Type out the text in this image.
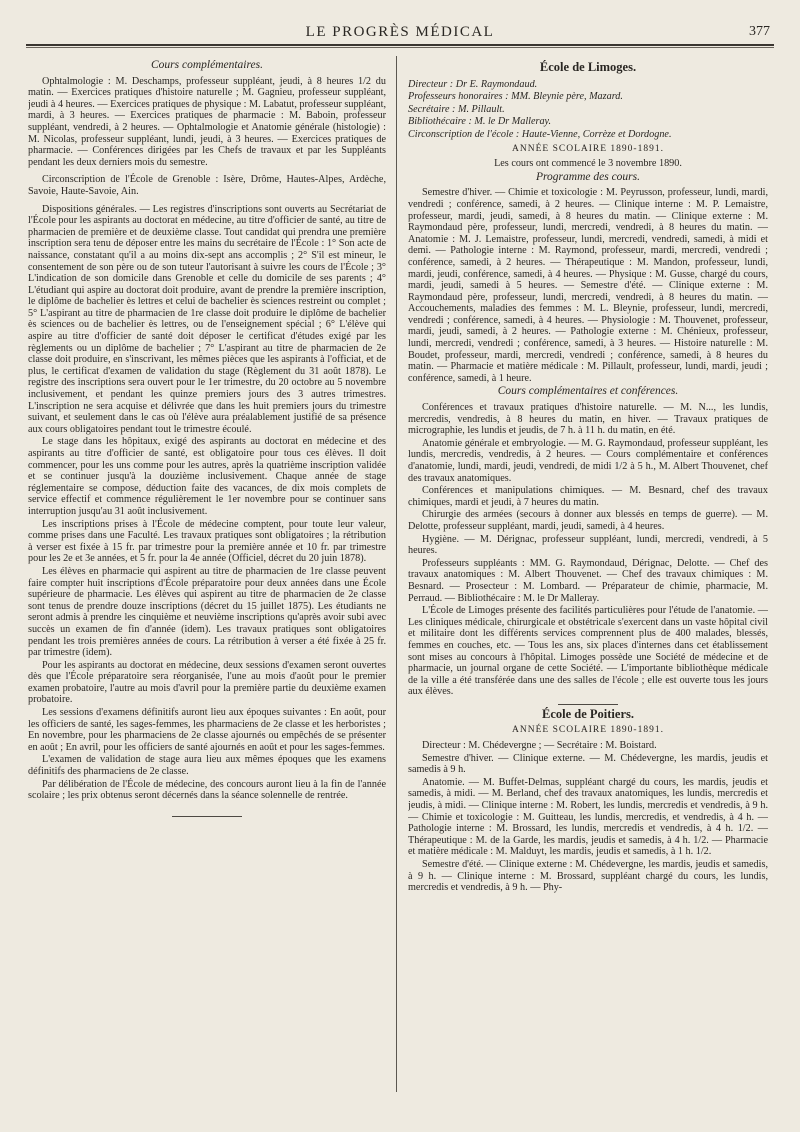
LE PROGRÈS MÉDICAL	377
Cours complémentaires.

Ophtalmologie : M. Deschamps, professeur suppléant, jeudi, à 8 heures 1/2 du matin. — Exercices pratiques d'histoire naturelle ; M. Gagnieu, professeur suppléant, jeudi à 4 heures. — Exercices pratiques de physique : M. Labatut, professeur suppléant, mardi, à 3 heures. — Exercices pratiques de pharmacie : M. Baboin, professeur suppléant, vendredi, à 2 heures. — Ophtalmologie et Anatomie générale (histologie) : M. Nicolas, professeur suppléant, lundi, jeudi, à 3 heures. — Exercices pratiques de pharmacie. — Conférences dirigées par les Chefs de travaux et par les Suppléants pendant les deux derniers mois du semestre.

Circonscription de l'École de Grenoble : Isère, Drôme, Hautes-Alpes, Ardèche, Savoie, Haute-Savoie, Ain.

Dispositions générales. — Les registres d'inscriptions sont ouverts au Secrétariat de l'École pour les aspirants au doctorat en médecine, au titre d'officier de santé, au titre de pharmacien de première et de deuxième classe. Tout candidat qui prendra une première inscription sera tenu de déposer entre les mains du secrétaire de l'École : 1° Son acte de naissance, constatant qu'il a au moins dix-sept ans accomplis ; 2° S'il est mineur, le consentement de son père ou de son tuteur l'autorisant à suivre les cours de l'École ; 3° L'indication de son domicile dans Grenoble et celle du domicile de ses parents ; 4° L'étudiant qui aspire au doctorat doit produire, avant de prendre la première inscription, le diplôme de bachelier ès lettres et celui de bachelier ès sciences restreint ou complet ; 5° L'aspirant au titre de pharmacien de 1re classe doit produire le diplôme de bachelier ès sciences ou de bachelier ès lettres, ou de l'enseignement spécial ; 6° L'élève qui aspire au titre d'officier de santé doit déposer le certificat d'études exigé par les règlements ou un diplôme de bachelier ; 7° L'aspirant au titre de pharmacien de 2e classe doit produire, en s'inscrivant, les mêmes pièces que les aspirants à l'officiat, et de plus, le certificat d'examen de validation du stage (Règlement du 31 août 1878). Le registre des inscriptions sera ouvert pour le 1er trimestre, du 20 octobre au 5 novembre inclusivement, et pendant les quinze premiers jours des 3 autres trimestres. L'inscription ne sera acquise et délivrée que dans les huit premiers jours du trimestre suivant, et seulement dans le cas où l'élève aura préalablement justifié de sa présence aux cours obligatoires pendant tout le trimestre écoulé.

Le stage dans les hôpitaux, exigé des aspirants au doctorat en médecine et des aspirants au titre d'officier de santé, est obligatoire pour tous ces élèves. Il doit commencer, pour les uns comme pour les autres, après la quatrième inscription validée et se continuer jusqu'à la douzième inclusivement. Chaque année de stage réglementaire se compose, déduction faite des vacances, de dix mois complets de service effectif et commence régulièrement le 1er novembre pour se continuer sans interruption jusqu'au 31 août inclusivement.

Les inscriptions prises à l'École de médecine comptent, pour toute leur valeur, comme prises dans une Faculté. Les travaux pratiques sont obligatoires ; la rétribution à verser est fixée à 15 fr. par trimestre pour la première année et 10 fr. par trimestre pour les 2e et 3e années, et 5 fr. pour la 4e année (Officiel, décret du 20 juin 1878).

Les élèves en pharmacie qui aspirent au titre de pharmacien de 1re classe peuvent faire compter huit inscriptions d'École préparatoire pour deux années dans une École supérieure de pharmacie. Les élèves qui aspirent au titre de pharmacien de 2e classe sont tenus de prendre douze inscriptions (décret du 15 juillet 1875). Les étudiants ne seront admis à prendre les cinquième et neuvième inscriptions qu'après avoir subi avec succès un examen de fin d'année (idem). Les travaux pratiques sont obligatoires pendant les trois premières années de cours. La rétribution à verser a été fixée à 25 fr. par trimestre (idem).

Pour les aspirants au doctorat en médecine, deux sessions d'examen seront ouvertes dès que l'École préparatoire sera réorganisée, l'une au mois d'août pour le premier examen probatoire, l'autre au mois d'avril pour la première partie du deuxième examen probatoire.

Les sessions d'examens définitifs auront lieu aux époques suivantes : En août, pour les officiers de santé, les sages-femmes, les pharmaciens de 2e classe et les herboristes ; En novembre, pour les pharmaciens de 2e classe ajournés ou empêchés de se présenter en août ; En avril, pour les officiers de santé ajournés en août et pour les sages-femmes.

L'examen de validation de stage aura lieu aux mêmes époques que les examens définitifs des pharmaciens de 2e classe.

Par délibération de l'École de médecine, des concours auront lieu à la fin de l'année scolaire ; les prix obtenus seront décernés dans la séance solennelle de rentrée.

École de Limoges.

Directeur : Dr E. Raymondaud.

Professeurs honoraires : MM. Bleynie père, Mazard.

Secrétaire : M. Pillault.

Bibliothécaire : M. le Dr Malleray.

Circonscription de l'école : Haute-Vienne, Corrèze et Dordogne.

ANNÉE SCOLAIRE 1890-1891.
Les cours ont commencé le 3 novembre 1890.
Programme des cours.

Semestre d'hiver. — Chimie et toxicologie : M. Peyrusson, professeur, lundi, mardi, vendredi ; conférence, samedi, à 2 heures. — Clinique interne : M. P. Lemaistre, professeur, mardi, jeudi, samedi, à 8 heures du matin. — Clinique externe : M. Raymondaud père, professeur, lundi, mercredi, vendredi, à 8 heures du matin. — Anatomie : M. J. Lemaistre, professeur, lundi, mercredi, vendredi, samedi, à midi et demi. — Pathologie interne : M. Raymond, professeur, mardi, mercredi, vendredi ; conférence, samedi, à 2 heures. — Thérapeutique : M. Mandon, professeur, lundi, mardi, jeudi, conférence, samedi, à 4 heures. — Physique : M. Gusse, chargé du cours, mardi, jeudi, samedi à 5 heures. — Semestre d'été. — Clinique externe : M. Raymondaud père, professeur, lundi, mercredi, vendredi, à 8 heures du matin. — Accouchements, maladies des femmes : M. L. Bleynie, professeur, lundi, mercredi, vendredi ; conférence, samedi, à 4 heures. — Physiologie : M. Thouvenet, professeur, mardi, jeudi, samedi, à 2 heures. — Pathologie externe : M. Chénieux, professeur, lundi, mercredi, vendredi ; conférence, samedi, à 3 heures. — Histoire naturelle : M. Boudet, professeur, mardi, mercredi, vendredi ; conférence, samedi, à 8 heures du matin. — Pharmacie et matière médicale : M. Pillault, professeur, lundi, mardi, jeudi ; conférence, samedi, à 1 heure.

Cours complémentaires et conférences.

Conférences et travaux pratiques d'histoire naturelle. — M. N..., les lundis, mercredis, vendredis, à 8 heures du matin, en hiver. — Travaux pratiques de micrographie, les lundis et jeudis, de 7 h. à 11 h. du matin, en été.

Anatomie générale et embryologie. — M. G. Raymondaud, professeur suppléant, les lundis, mercredis, vendredis, à 2 heures. — Cours complémentaire et conférences d'anatomie, lundi, mardi, jeudi, vendredi, de midi 1/2 à 5 h., M. Albert Thouvenet, chef des travaux anatomiques.

Conférences et manipulations chimiques. — M. Besnard, chef des travaux chimiques, mardi et jeudi, à 7 heures du matin.

Chirurgie des armées (secours à donner aux blessés en temps de guerre). — M. Delotte, professeur suppléant, mardi, jeudi, samedi, à 4 heures.

Hygiène. — M. Dérignac, professeur suppléant, lundi, mercredi, vendredi, à 5 heures.

Professeurs suppléants : MM. G. Raymondaud, Dérignac, Delotte. — Chef des travaux anatomiques : M. Albert Thouvenet. — Chef des travaux chimiques : M. Besnard. — Prosecteur : M. Lombard. — Préparateur de chimie, pharmacie, M. Perraud. — Bibliothécaire : M. le Dr Malleray.

L'École de Limoges présente des facilités particulières pour l'étude de l'anatomie. — Les cliniques médicale, chirurgicale et obstétricale s'exercent dans un vaste hôpital civil et militaire dont les différents services comprennent plus de 400 malades, blessés, femmes en couches, etc. — Tous les ans, six places d'internes dans cet établissement sont mises au concours à l'hôpital. Limoges possède une Société de médecine et de pharmacie, un journal organe de cette Société. — L'importante bibliothèque médicale de la ville a été transférée dans une des salles de l'école ; elle est ouverte tous les jours aux élèves.

École de Poitiers.
ANNÉE SCOLAIRE 1890-1891.

Directeur : M. Chédevergne ; — Secrétaire : M. Boistard.

Semestre d'hiver. — Clinique externe. — M. Chédevergne, les mardis, jeudis et samedis à 9 h.

Anatomie. — M. Buffet-Delmas, suppléant chargé du cours, les mardis, jeudis et samedis, à midi. — M. Berland, chef des travaux anatomiques, les lundis, mercredis et jeudis, à midi. — Clinique interne : M. Robert, les lundis, mercredis et vendredis, à 9 h. — Chimie et toxicologie : M. Guitteau, les lundis, mercredis, et vendredis, à 4 h. — Pathologie interne : M. Brossard, les lundis, mercredis et vendredis, à 4 h. 1/2. — Thérapeutique : M. de la Garde, les mardis, jeudis et samedis, à 4 h. 1/2. — Pharmacie et matière médicale : M. Malduyt, les mardis, jeudis et samedis, à 1 h. 1/2.

Semestre d'été. — Clinique externe : M. Chédevergne, les mardis, jeudis et samedis, à 9 h. — Clinique interne : M. Brossard, suppléant chargé du cours, les lundis, mercredis et vendredis, à 9 h. — Phy-
